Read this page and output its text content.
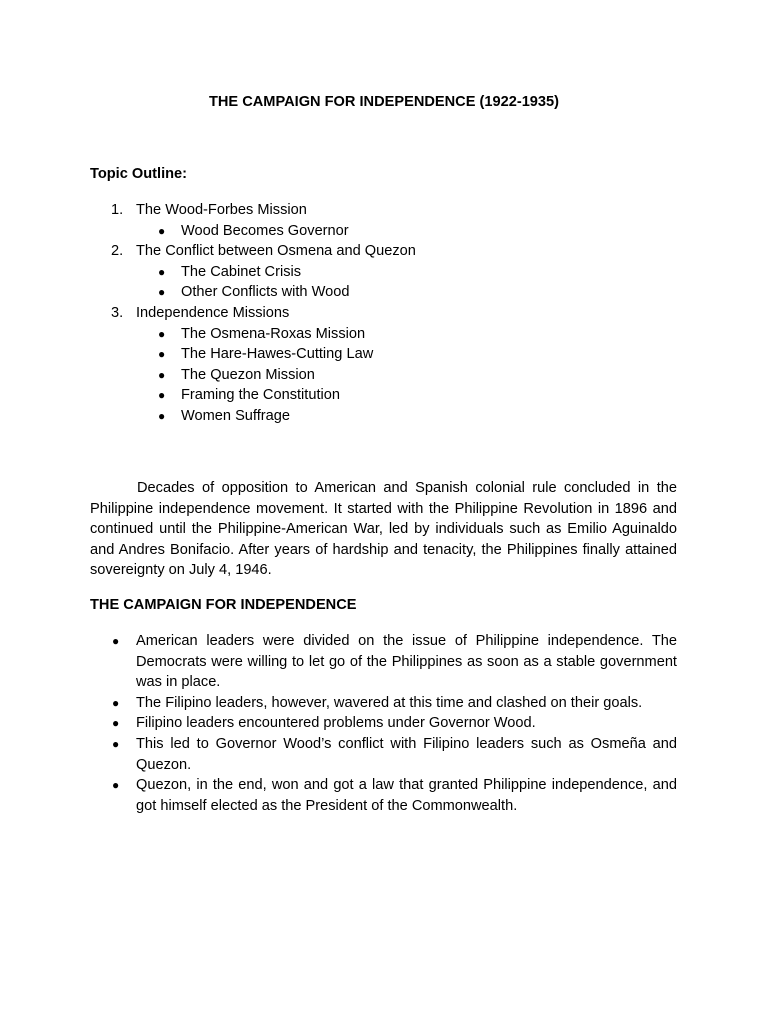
THE CAMPAIGN FOR INDEPENDENCE (1922-1935)
Topic Outline:
1. The Wood-Forbes Mission
● Wood Becomes Governor
2. The Conflict between Osmena and Quezon
● The Cabinet Crisis
● Other Conflicts with Wood
3. Independence Missions
● The Osmena-Roxas Mission
● The Hare-Hawes-Cutting Law
● The Quezon Mission
● Framing the Constitution
● Women Suffrage

Decades of opposition to American and Spanish colonial rule concluded in the Philippine independence movement. It started with the Philippine Revolution in 1896 and continued until the Philippine-American War, led by individuals such as Emilio Aguinaldo and Andres Bonifacio. After years of hardship and tenacity, the Philippines finally attained sovereignty on July 4, 1946.

THE CAMPAIGN FOR INDEPENDENCE
● American leaders were divided on the issue of Philippine independence. The Democrats were willing to let go of the Philippines as soon as a stable government was in place.
● The Filipino leaders, however, wavered at this time and clashed on their goals.
● Filipino leaders encountered problems under Governor Wood.
● This led to Governor Wood’s conflict with Filipino leaders such as Osmeña and Quezon.
● Quezon, in the end, won and got a law that granted Philippine independence, and got himself elected as the President of the Commonwealth.
